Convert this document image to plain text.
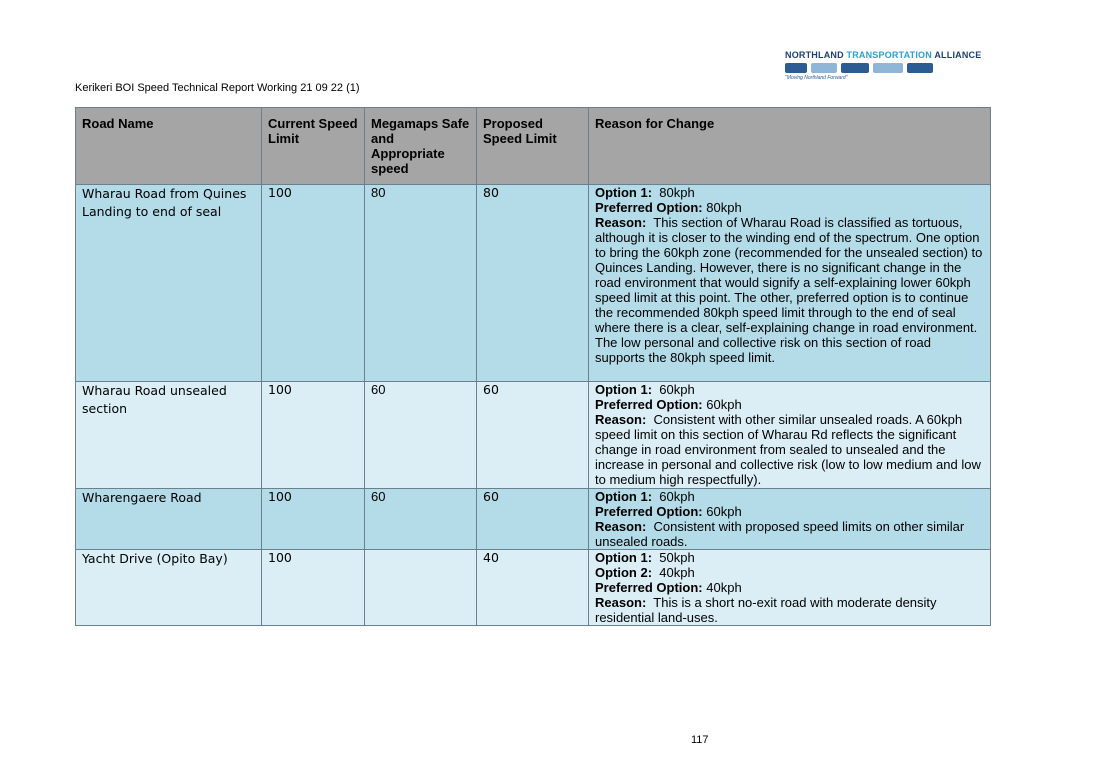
Kerikeri BOI Speed Technical Report Working 21 09 22 (1)
NORTHLAND TRANSPORTATION ALLIANCE
"Moving Northland Forward"
Road Name	Current Speed Limit	Megamaps Safe and Appropriate speed	Proposed Speed Limit	Reason for Change
Wharau Road from Quines Landing to end of seal	100	80	80	Option 1: 80kph
Preferred Option: 80kph
Reason: This section of Wharau Road is classified as tortuous, although it is closer to the winding end of the spectrum. One option to bring the 60kph zone (recommended for the unsealed section) to Quinces Landing. However, there is no significant change in the road environment that would signify a self-explaining lower 60kph speed limit at this point. The other, preferred option is to continue the recommended 80kph speed limit through to the end of seal where there is a clear, self-explaining change in road environment. The low personal and collective risk on this section of road supports the 80kph speed limit.

Wharau Road unsealed section	100	60	60	Option 1: 60kph
Preferred Option: 60kph
Reason: Consistent with other similar unsealed roads. A 60kph speed limit on this section of Wharau Rd reflects the significant change in road environment from sealed to unsealed and the increase in personal and collective risk (low to low medium and low to medium high respectfully).

Wharengaere Road	100	60	60	Option 1: 60kph
Preferred Option: 60kph
Reason: Consistent with proposed speed limits on other similar unsealed roads.

Yacht Drive (Opito Bay)	100		40	Option 1: 50kph
Option 2: 40kph
Preferred Option: 40kph
Reason: This is a short no-exit road with moderate density residential land-uses.
117
